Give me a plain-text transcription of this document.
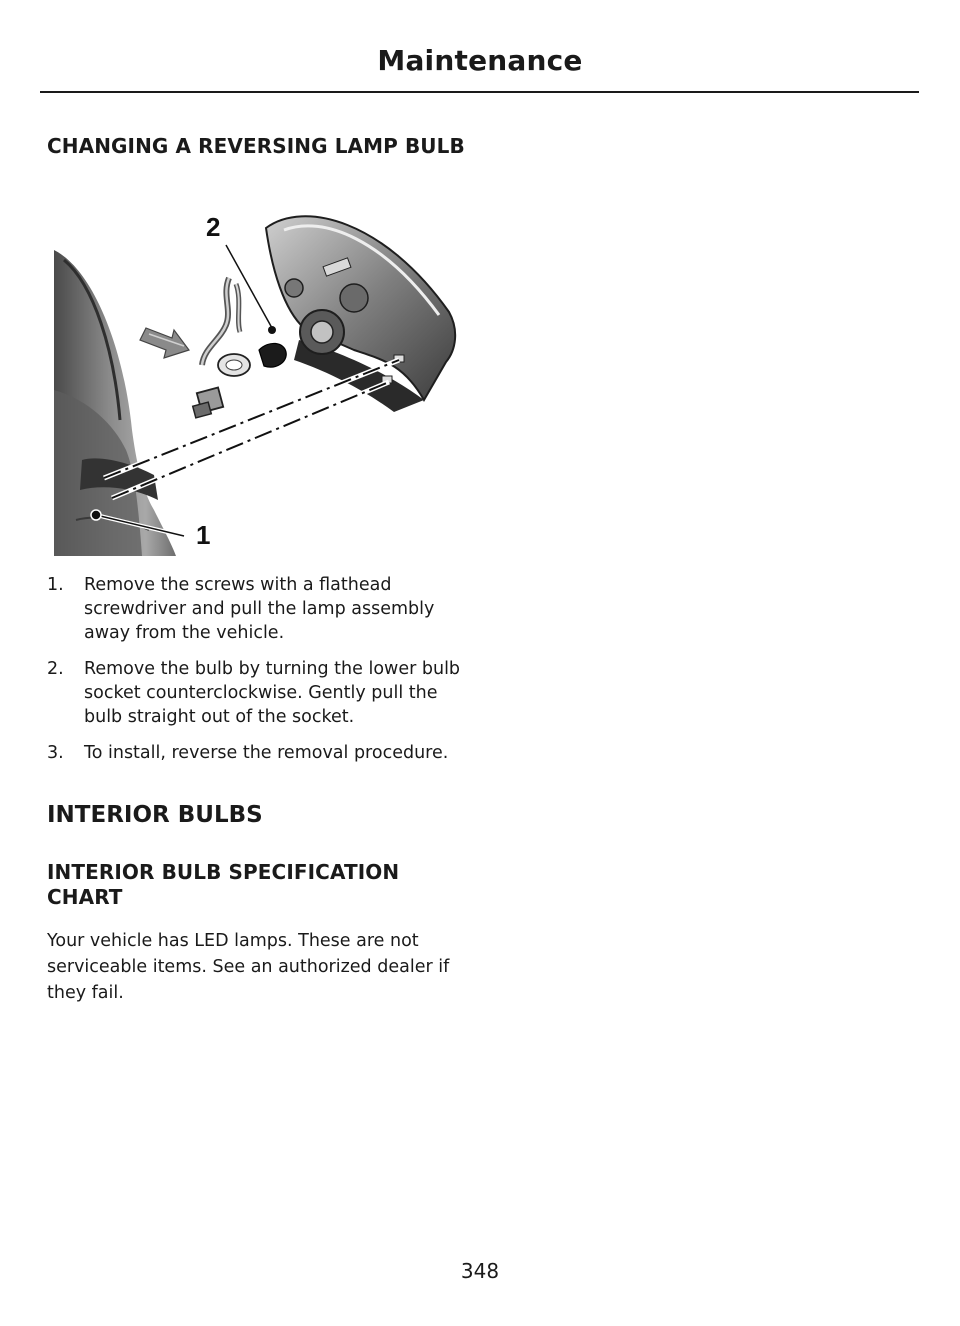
Maintenance
CHANGING A REVERSING LAMP BULB
2
1
1. Remove the screws with a flathead screwdriver and pull the lamp assembly away from the vehicle.
2. Remove the bulb by turning the lower bulb socket counterclockwise. Gently pull the bulb straight out of the socket.
3. To install, reverse the removal procedure.
INTERIOR BULBS
INTERIOR BULB SPECIFICATION CHART
Your vehicle has LED lamps. These are not serviceable items. See an authorized dealer if they fail.
348
